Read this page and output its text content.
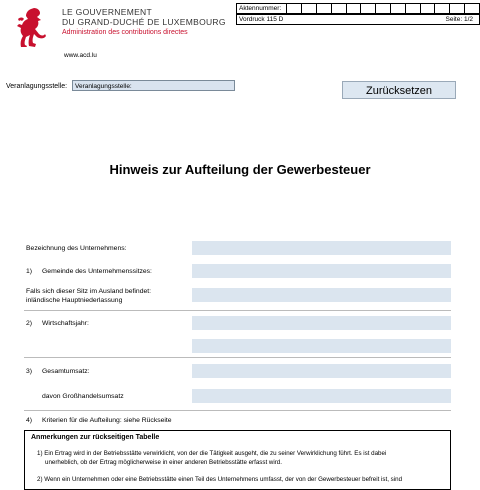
LE GOUVERNEMENT
DU GRAND-DUCHÉ DE LUXEMBOURG
Administration des contributions directes
www.acd.lu
Aktennummer:													
Vordruck 115 D	Seite: 1/2
Veranlagungsstelle:	Veranlagungsstelle:	Zurücksetzen
Hinweis zur Aufteilung der Gewerbesteuer
Bezeichnung des Unternehmens:
1) Gemeinde des Unternehmenssitzes:
Falls sich dieser Sitz im Ausland befindet:
inländische Hauptniederlassung
2) Wirtschaftsjahr:
3) Gesamtumsatz:
davon Großhandelsumsatz
4) Kriterien für die Aufteilung: siehe Rückseite
Anmerkungen zur rückseitigen Tabelle
1) Ein Ertrag wird in der Betriebsstätte verwirklicht, von der die Tätigkeit ausgeht, die zu seiner Verwirklichung führt. Es ist dabei
unerheblich, ob der Ertrag möglicherweise in einer anderen Betriebsstätte erfasst wird.
2) Wenn ein Unternehmen oder eine Betriebsstätte einen Teil des Unternehmens umfasst, der von der Gewerbesteuer befreit ist, sind
